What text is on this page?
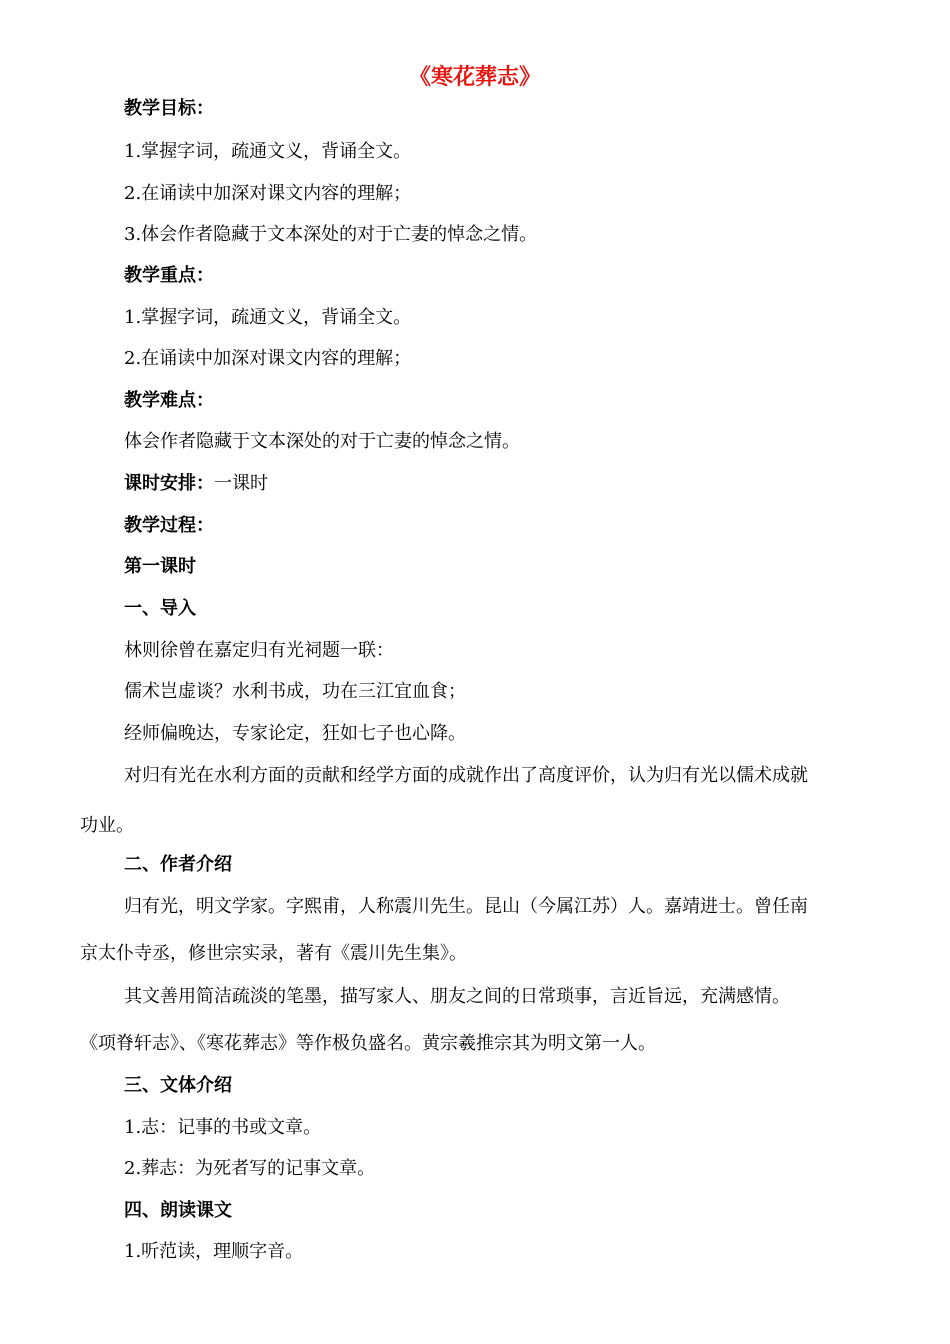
《寒花葬志》
教学目标：
1.掌握字词，疏通文义，背诵全文。
2.在诵读中加深对课文内容的理解；
3.体会作者隐藏于文本深处的对于亡妻的悼念之情。
教学重点：
1.掌握字词，疏通文义，背诵全文。
2.在诵读中加深对课文内容的理解；
教学难点：
体会作者隐藏于文本深处的对于亡妻的悼念之情。
课时安排：一课时
教学过程：
第一课时
一、导入
林则徐曾在嘉定归有光祠题一联：
儒术岂虚谈？水利书成，功在三江宜血食；
经师偏晚达，专家论定，狂如七子也心降。
对归有光在水利方面的贡献和经学方面的成就作出了高度评价，认为归有光以儒术成就
功业。
二、作者介绍
归有光，明文学家。字熙甫，人称震川先生。昆山（今属江苏）人。嘉靖进士。曾任南
京太仆寺丞，修世宗实录，著有《震川先生集》。
其文善用简洁疏淡的笔墨，描写家人、朋友之间的日常琐事，言近旨远，充满感情。
《项脊轩志》、《寒花葬志》等作极负盛名。黄宗羲推宗其为明文第一人。
三、文体介绍
1.志：记事的书或文章。
2.葬志：为死者写的记事文章。
四、朗读课文
1.听范读，理顺字音。
